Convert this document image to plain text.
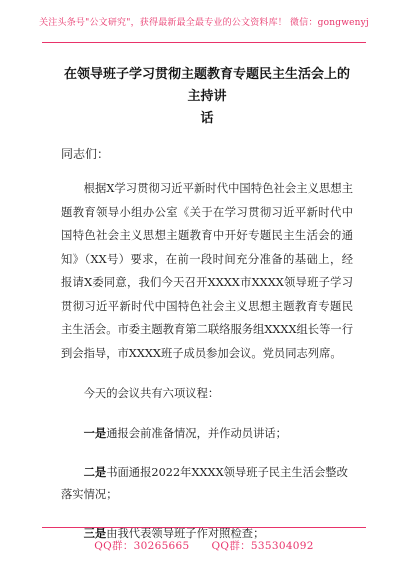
关注头条号"公文研究"，获得最新最全最专业的公文资料库！ 微信：gongwenyj
在领导班子学习贯彻主题教育专题民主生活会上的主持讲
话

同志们：

根据X学习贯彻习近平新时代中国特色社会主义思想主题教育领导小组办公室《关于在学习贯彻习近平新时代中国特色社会主义思想主题教育中开好专题民主生活会的通知》（XX号）要求，在前一段时间充分准备的基础上，经报请X委同意，我们今天召开XXXX市XXXX领导班子学习贯彻习近平新时代中国特色社会主义思想主题教育专题民主生活会。市委主题教育第二联络服务组XXXX组长等一行到会指导，市XXXX班子成员参加会议。党员同志列席。

今天的会议共有六项议程：

一是通报会前准备情况，并作动员讲话；

二是书面通报2022年XXXX领导班子民主生活会整改落实情况；

三是由我代表领导班子作对照检查；

QQ群：30265665 QQ群：535304092
